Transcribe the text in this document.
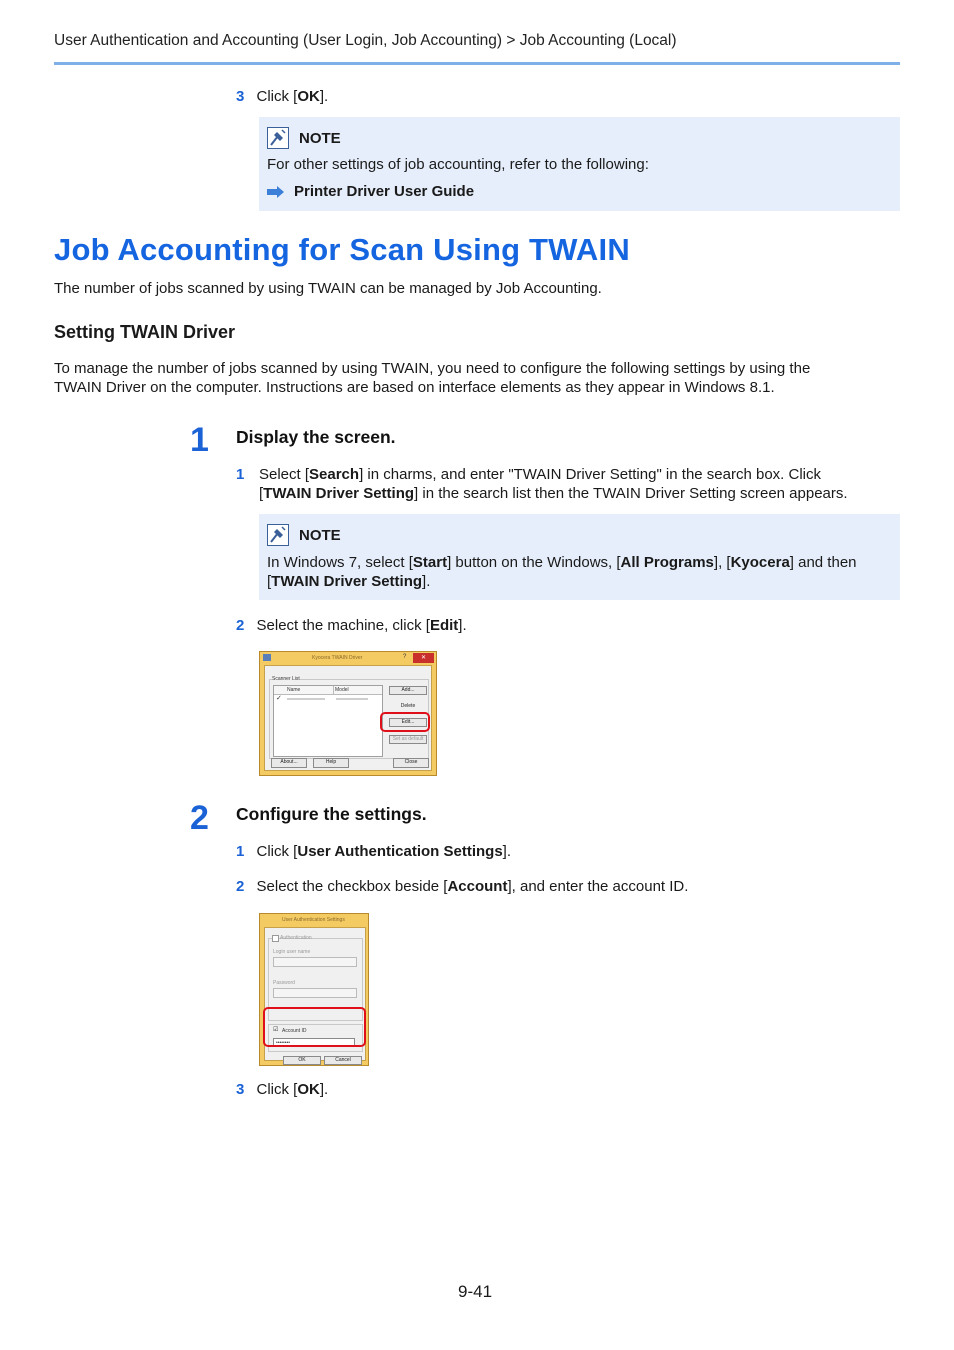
User Authentication and Accounting (User Login, Job Accounting) > Job Accounting (Local)
3 Click [OK].
NOTE
For other settings of job accounting, refer to the following:
Printer Driver User Guide
Job Accounting for Scan Using TWAIN
The number of jobs scanned by using TWAIN can be managed by Job Accounting.
Setting TWAIN Driver
To manage the number of jobs scanned by using TWAIN, you need to configure the following settings by using the
TWAIN Driver on the computer. Instructions are based on interface elements as they appear in Windows 8.1.
1 Display the screen.
1 Select [Search] in charms, and enter "TWAIN Driver Setting" in the search box. Click
[TWAIN Driver Setting] in the search list then the TWAIN Driver Setting screen appears.
NOTE
In Windows 7, select [Start] button on the Windows, [All Programs], [Kyocera] and then
[TWAIN Driver Setting].
2 Select the machine, click [Edit].
Kyocera TWAIN Driver	?	✕
Scanner List
Name	Model
✓
Add...
Delete
Edit...
Set as default
About...	Help	Close
2 Configure the settings.
1 Click [User Authentication Settings].
2 Select the checkbox beside [Account], and enter the account ID.
User Authentication Settings
Authentication
Login user name
Password
☑ Account ID
••••••••
OK	Cancel
3 Click [OK].
9-41
